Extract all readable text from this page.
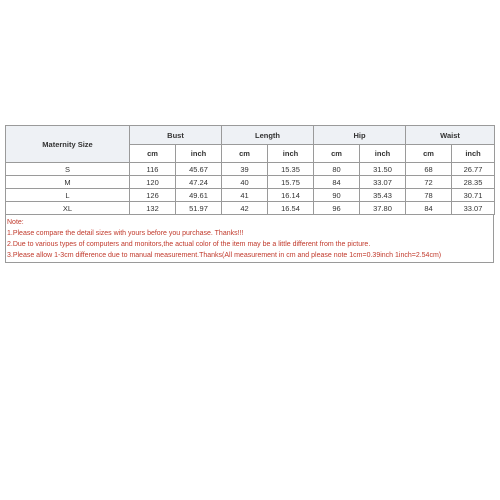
Maternity Size	Bust		Length		Hip		Waist	
	cm	inch	cm	inch	cm	inch	cm	inch
S	116	45.67	39	15.35	80	31.50	68	26.77
M	120	47.24	40	15.75	84	33.07	72	28.35
L	126	49.61	41	16.14	90	35.43	78	30.71
XL	132	51.97	42	16.54	96	37.80	84	33.07
Note:
1.Please compare the detail sizes with yours before you purchase. Thanks!!!
2.Due to various types of computers and monitors,the actual color of the item may be a little different from the picture.
3.Please allow 1-3cm difference due to manual measurement.Thanks(All measurement in cm and please note 1cm=0.39inch 1inch=2.54cm)
